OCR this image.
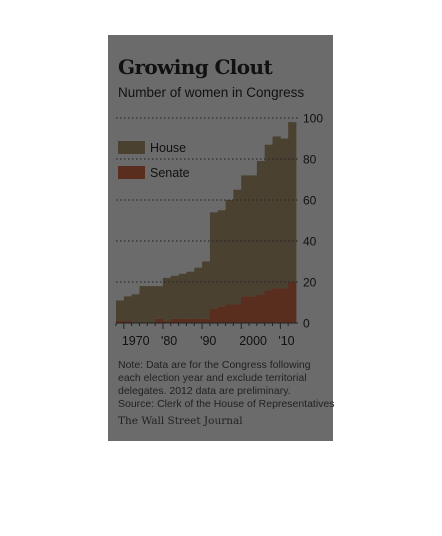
Growing Clout
Number of women in Congress
0
20
40
60
80
100
1970 '80 '90 2000 '10
House
Senate
Note: Data are for the Congress following
each election year and exclude territorial
delegates. 2012 data are preliminary.
Source: Clerk of the House of Representatives
The Wall Street Journal
